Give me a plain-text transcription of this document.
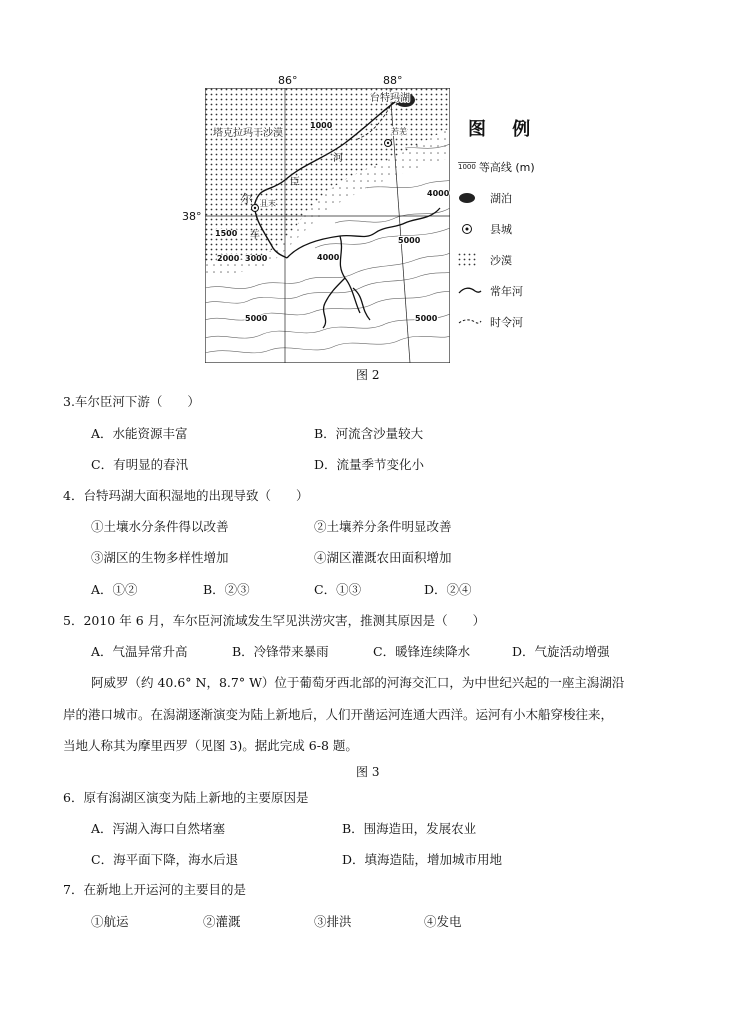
台特玛湖
塔克拉玛干沙漠	若羌
且末
河
臣
尔
车
1000
4000
1500
2000 3000	4000
5000
5000	5000
86°	88°
38°
图 例
1000 等高线 (m)
湖泊
县城
沙漠
常年河
时令河
图 2
3.车尔臣河下游（　　）
A．水能资源丰富	B．河流含沙量较大
C．有明显的春汛	D．流量季节变化小
4．台特玛湖大面积湿地的出现导致（　　）
①土壤水分条件得以改善	②土壤养分条件明显改善
③湖区的生物多样性增加	④湖区灌溉农田面积增加
A．①②	B．②③	C．①③	D．②④
5．2010 年 6 月，车尔臣河流域发生罕见洪涝灾害，推测其原因是（　　）
A．气温异常升高	B．冷锋带来暴雨	C．暖锋连续降水	D．气旋活动增强
阿威罗（约 40.6° N，8.7° W）位于葡萄牙西北部的河海交汇口，为中世纪兴起的一座主潟湖沿
岸的港口城市。在潟湖逐渐演变为陆上新地后，人们开凿运河连通大西洋。运河有小木船穿梭往来，
当地人称其为摩里西罗（见图 3)。据此完成 6-8 题。
图 3
6．原有潟湖区演变为陆上新地的主要原因是
A．泻湖入海口自然堵塞	B．围海造田，发展农业
C．海平面下降，海水后退	D．填海造陆，增加城市用地
7．在新地上开运河的主要目的是
①航运	②灌溉	③排洪	④发电
